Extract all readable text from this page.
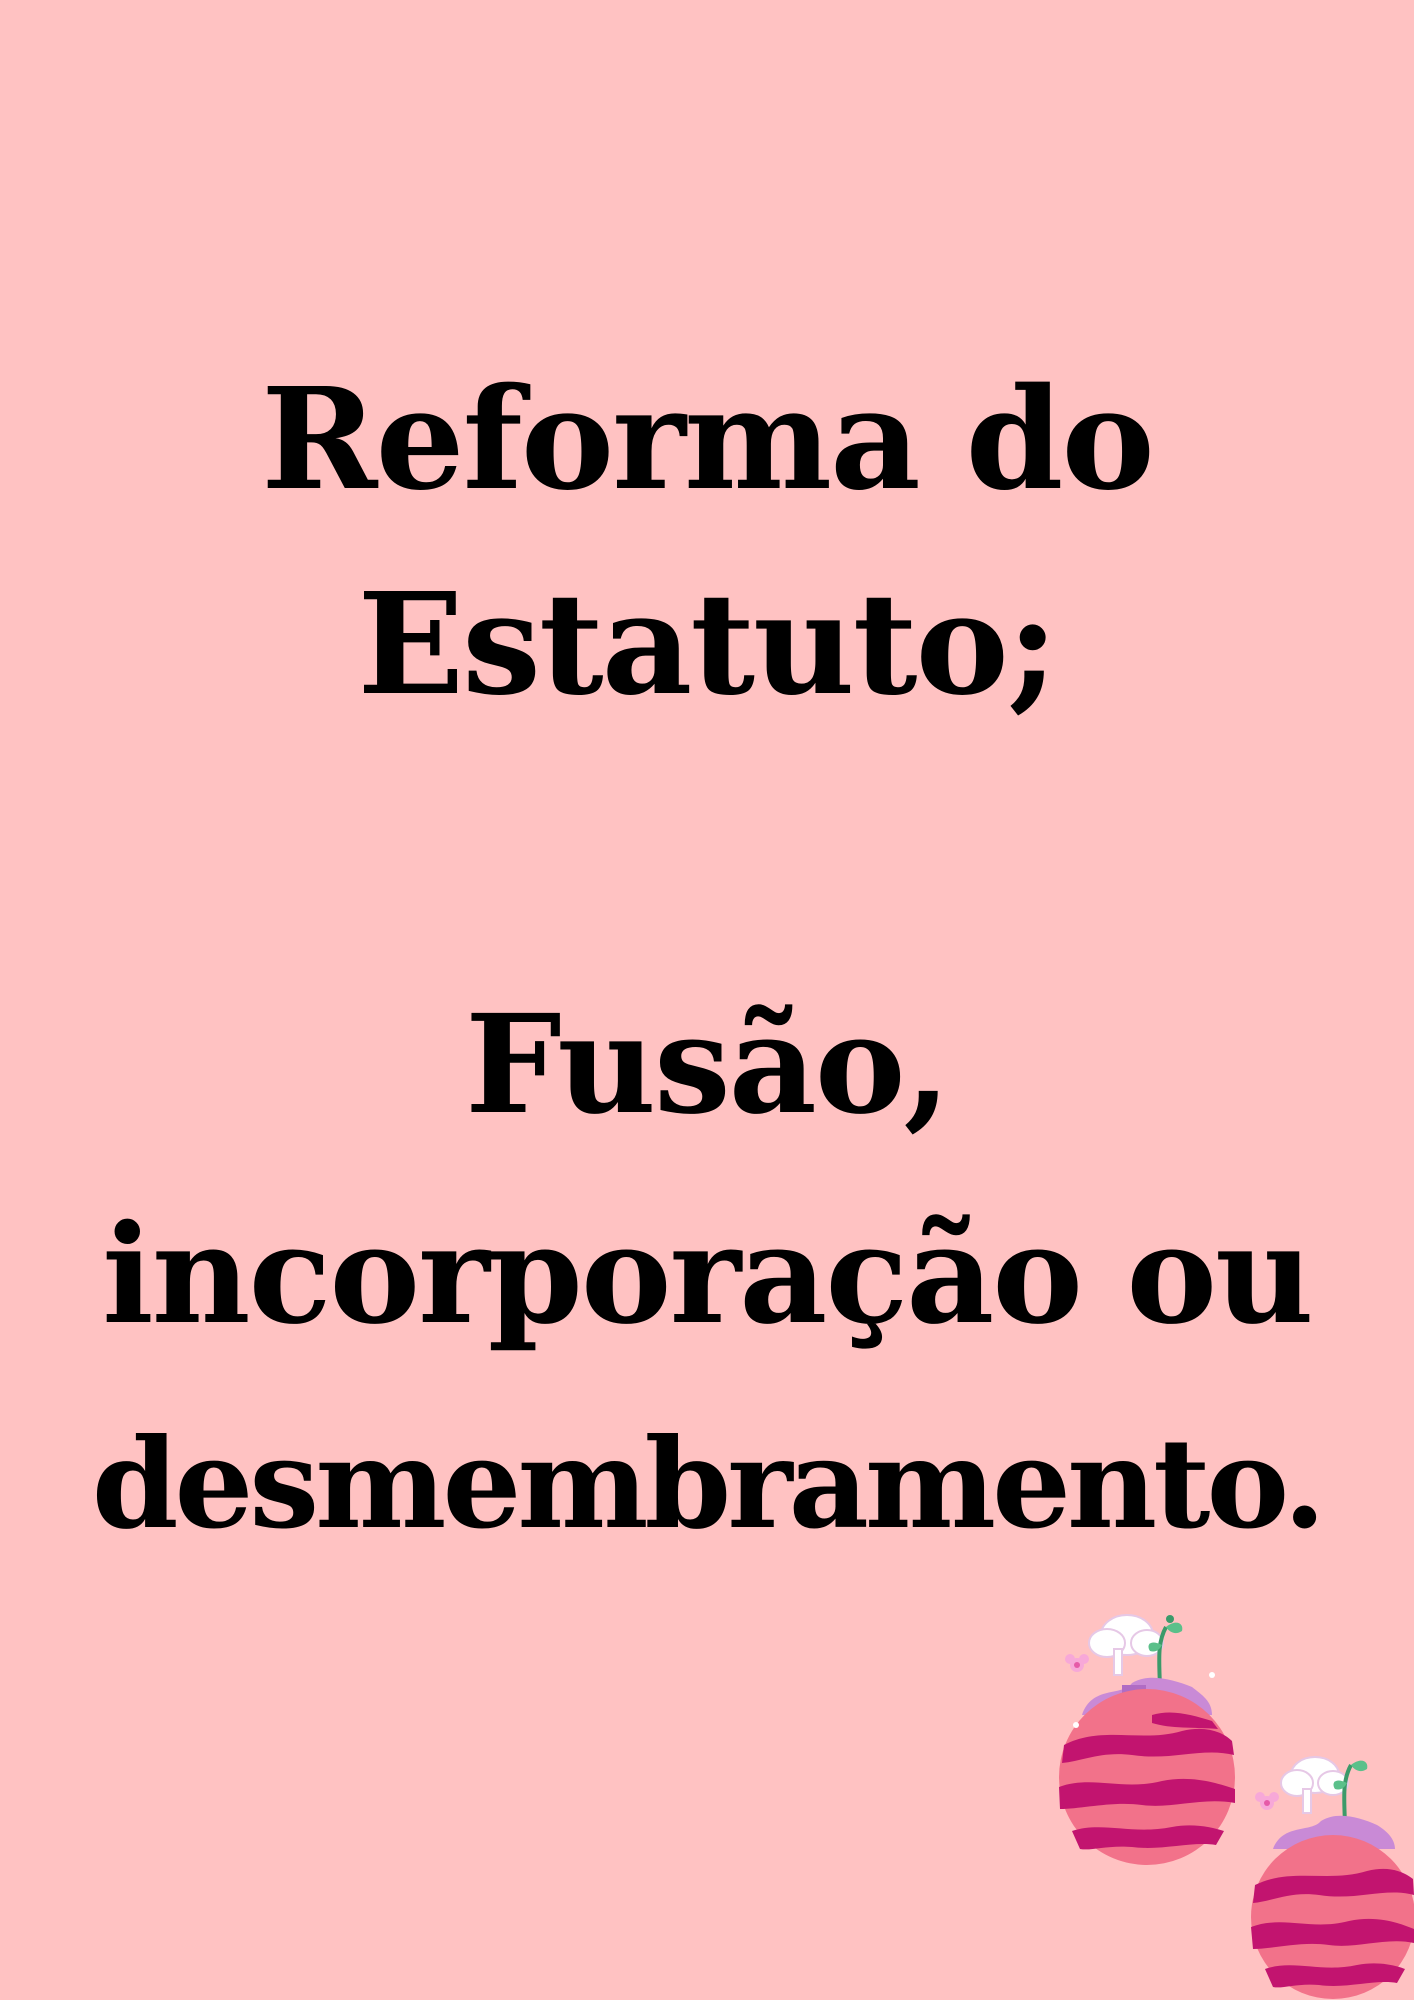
Reforma do
Estatuto;
Fusão,
incorporação ou
desmembramento.
